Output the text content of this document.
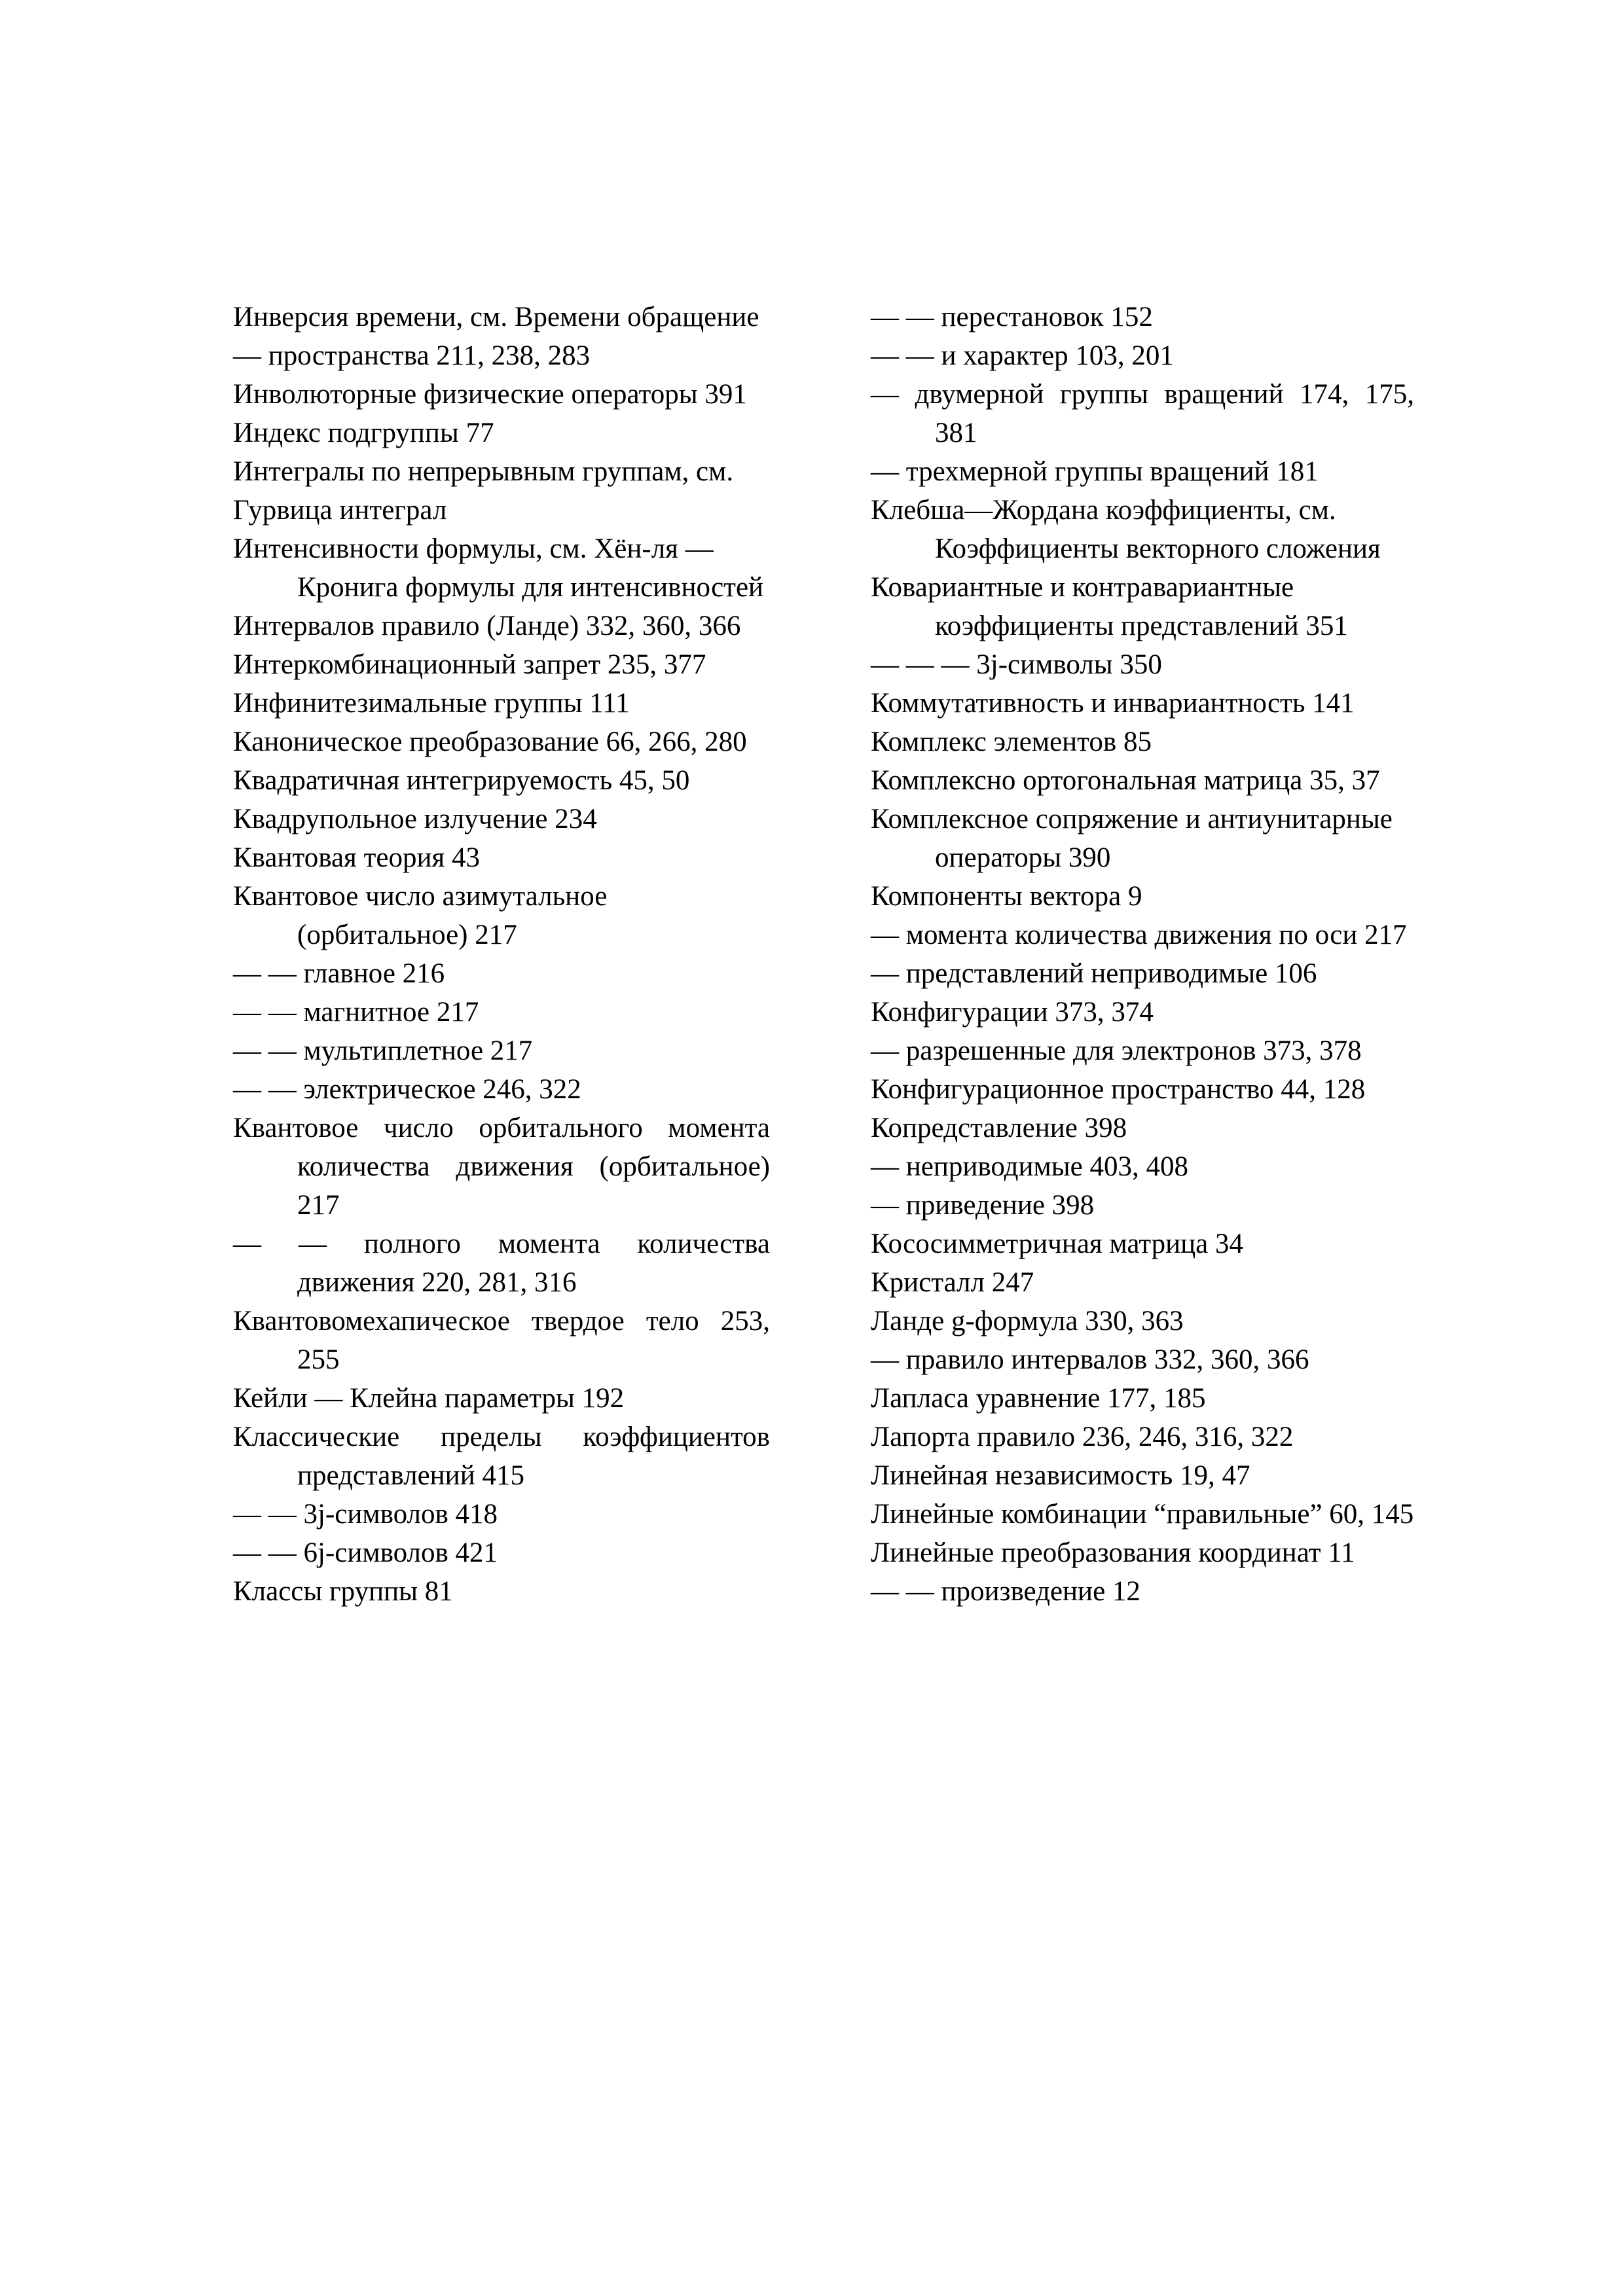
Инверсия времени, см. Времени обращение

— пространства 211, 238, 283

Инволюторные физические операторы 391

Индекс подгруппы 77

Интегралы по непрерывным группам, см.

Гурвица интеграл

Интенсивности формулы, см. Хён-ля — Кронига формулы для интенсивностей

Интервалов правило (Ланде) 332, 360, 366

Интеркомбинационный запрет 235, 377

Инфинитезимальные группы 111

Каноническое преобразование 66, 266, 280

Квадратичная интегрируемость 45, 50

Квадрупольное излучение 234

Квантовая теория 43

Квантовое число азимутальное (орбитальное) 217

— — главное 216

— — магнитное 217

— — мультиплетное 217

— — электрическое 246, 322

Квантовое число орбитального момента количества движения (орбитальное) 217

— — полного момента количества движения 220, 281, 316

Квантовомехапическое твердое тело 253, 255

Кейли — Клейна параметры 192

Классические пределы коэффициентов представлений 415

— — 3j-символов 418

— — 6j-символов 421

Классы группы 81

— — перестановок 152

— — и характер 103, 201

— двумерной группы вращений 174, 175, 381

— трехмерной группы вращений 181

Клебша—Жордана коэффициенты, см. Коэффициенты векторного сложения

Ковариантные и контравариантные коэффициенты представлений 351

— — — 3j-символы 350

Коммутативность и инвариантность 141

Комплекс элементов 85

Комплексно ортогональная матрица 35, 37

Комплексное сопряжение и антиунитарные операторы 390

Компоненты вектора 9

— момента количества движения по оси 217

— представлений неприводимые 106

Конфигурации 373, 374

— разрешенные для электронов 373, 378

Конфигурационное пространство 44, 128

Копредставление 398

— неприводимые 403, 408

— приведение 398

Кососимметричная матрица 34

Кристалл 247

Ланде g-формула 330, 363

— правило интервалов 332, 360, 366

Лапласа уравнение 177, 185

Лапорта правило 236, 246, 316, 322

Линейная независимость 19, 47

Линейные комбинации “правильные” 60, 145

Линейные преобразования координат 11

— — произведение 12
